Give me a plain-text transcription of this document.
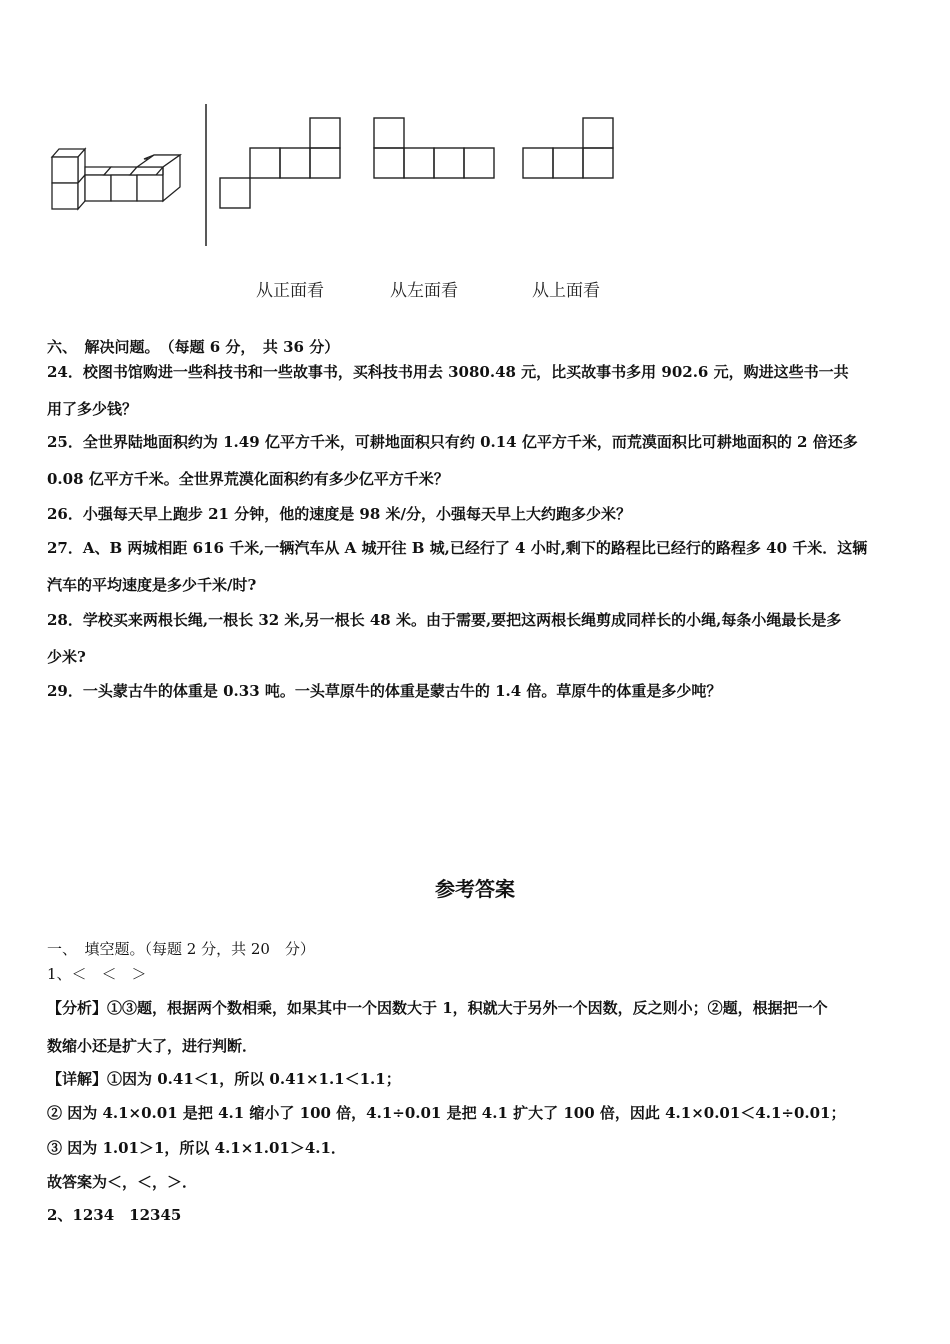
从正面看	从左面看	从上面看
六、　解决问题。　（每题 6 分，　共 36 分）
24．校图书馆购进一些科技书和一些故事书，买科技书用去 3080.48 元，比买故事书多用 902.6 元，购进这些书一共
用了多少钱？
25．全世界陆地面积约为 1.49 亿平方千米，可耕地面积只有约 0.14 亿平方千米，而荒漠面积比可耕地面积的 2 倍还多
0.08 亿平方千米。全世界荒漠化面积约有多少亿平方千米？
26．小强每天早上跑步 21 分钟，他的速度是 98 米/分，小强每天早上大约跑多少米？
27．A、B 两城相距 616 千米,一辆汽车从 A 城开往 B 城,已经行了 4 小时,剩下的路程比已经行的路程多 40 千米．这辆
汽车的平均速度是多少千米/时?
28．学校买来两根长绳,一根长 32 米,另一根长 48 米。由于需要,要把这两根长绳剪成同样长的小绳,每条小绳最长是多
少米?
29．一头蒙古牛的体重是 0.33 吨。一头草原牛的体重是蒙古牛的 1.4 倍。草原牛的体重是多少吨？
参考答案
一、　填空题。（每题 2 分，共 20　分）
1、＜　＜　＞
【分析】①③题，根据两个数相乘，如果其中一个因数大于 1，积就大于另外一个因数，反之则小；②题，根据把一个
数缩小还是扩大了，进行判断．
【详解】①因为 0.41＜1，所以 0.41×1.1＜1.1；
② 因为 4.1×0.01 是把 4.1 缩小了 100 倍，4.1÷0.01 是把 4.1 扩大了 100 倍，因此 4.1×0.01＜4.1÷0.01；
③ 因为 1.01＞1，所以 4.1×1.01＞4.1．
故答案为＜，＜，＞．
2、1234　12345
